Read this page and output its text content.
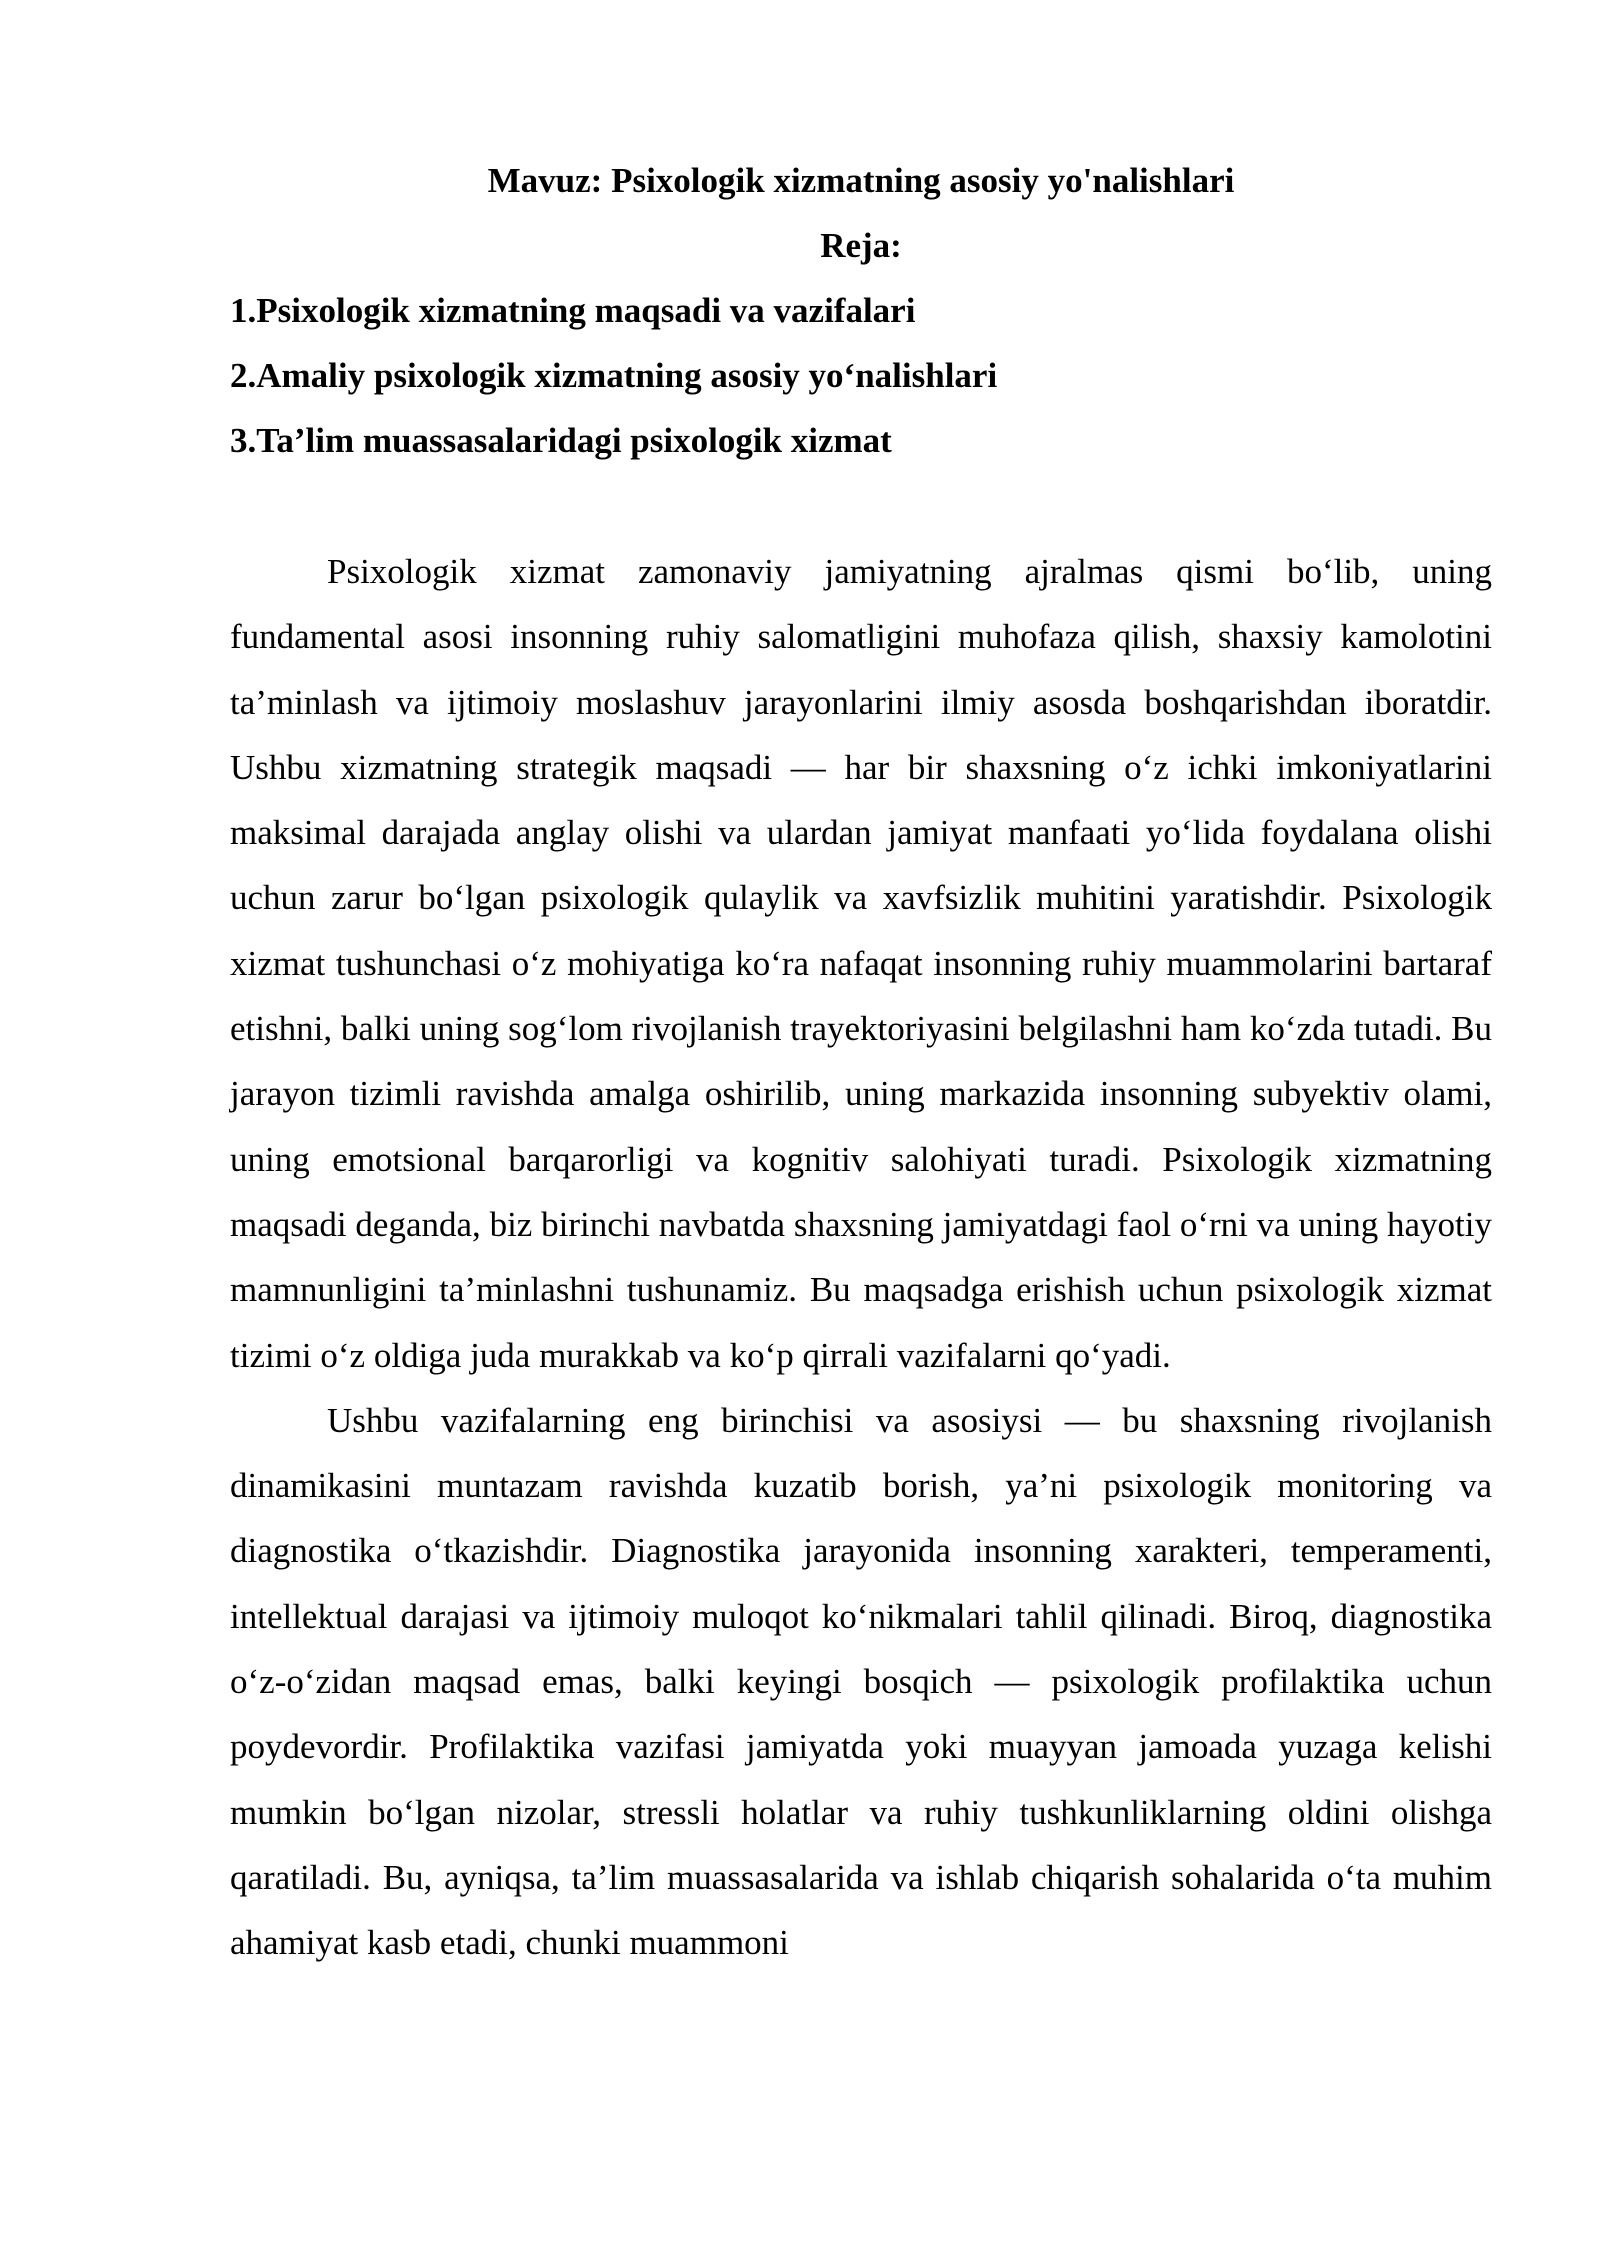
Mavuz: Psixologik xizmatning asosiy yo'nalishlari
Reja:
1.Psixologik xizmatning maqsadi va vazifalari
2.Amaliy psixologik xizmatning asosiy yo‘nalishlari
3.Ta’lim muassasalaridagi psixologik xizmat

Psixologik xizmat zamonaviy jamiyatning ajralmas qismi bo‘lib, uning fundamental asosi insonning ruhiy salomatligini muhofaza qilish, shaxsiy kamolotini ta’minlash va ijtimoiy moslashuv jarayonlarini ilmiy asosda boshqarishdan iboratdir. Ushbu xizmatning strategik maqsadi — har bir shaxsning o‘z ichki imkoniyatlarini maksimal darajada anglay olishi va ulardan jamiyat manfaati yo‘lida foydalana olishi uchun zarur bo‘lgan psixologik qulaylik va xavfsizlik muhitini yaratishdir. Psixologik xizmat tushunchasi o‘z mohiyatiga ko‘ra nafaqat insonning ruhiy muammolarini bartaraf etishni, balki uning sog‘lom rivojlanish trayektoriyasini belgilashni ham ko‘zda tutadi. Bu jarayon tizimli ravishda amalga oshirilib, uning markazida insonning subyektiv olami, uning emotsional barqarorligi va kognitiv salohiyati turadi. Psixologik xizmatning maqsadi deganda, biz birinchi navbatda shaxsning jamiyatdagi faol o‘rni va uning hayotiy mamnunligini ta’minlashni tushunamiz. Bu maqsadga erishish uchun psixologik xizmat tizimi o‘z oldiga juda murakkab va ko‘p qirrali vazifalarni qo‘yadi.

Ushbu vazifalarning eng birinchisi va asosiysi — bu shaxsning rivojlanish dinamikasini muntazam ravishda kuzatib borish, ya’ni psixologik monitoring va diagnostika o‘tkazishdir. Diagnostika jarayonida insonning xarakteri, temperamenti, intellektual darajasi va ijtimoiy muloqot ko‘nikmalari tahlil qilinadi. Biroq, diagnostika o‘z-o‘zidan maqsad emas, balki keyingi bosqich — psixologik profilaktika uchun poydevordir. Profilaktika vazifasi jamiyatda yoki muayyan jamoada yuzaga kelishi mumkin bo‘lgan nizolar, stressli holatlar va ruhiy tushkunliklarning oldini olishga qaratiladi. Bu, ayniqsa, ta’lim muassasalarida va ishlab chiqarish sohalarida o‘ta muhim ahamiyat kasb etadi, chunki muammoni
